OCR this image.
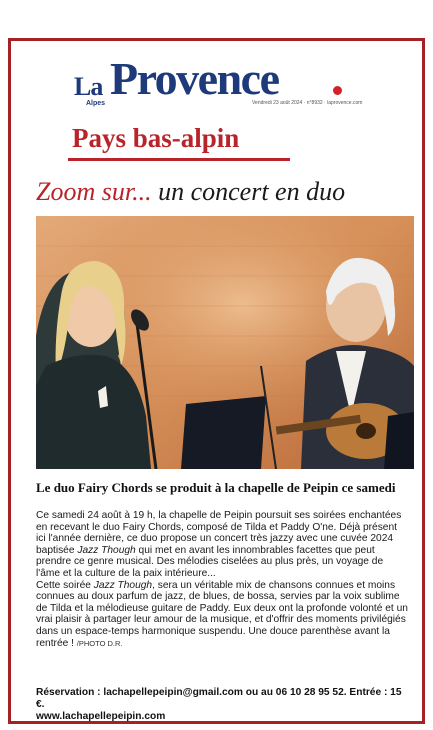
La Provence
Alpes	Vendredi 23 août 2024 · n°8932 · laprovence.com
Pays bas-alpin
Zoom sur... un concert en duo
Le duo Fairy Chords se produit à la chapelle de Peipin ce samedi

Ce samedi 24 août à 19 h, la chapelle de Peipin poursuit ses soirées enchantées en recevant le duo Fairy Chords, composé de Tilda et Paddy O'ne. Déjà présent ici l'année dernière, ce duo propose un concert très jazzy avec une cuvée 2024 baptisée Jazz Though qui met en avant les innombrables facettes que peut prendre ce genre musical. Des mélodies ciselées au plus près, un voyage de l'âme et la culture de la paix intérieure...

Cette soirée Jazz Though, sera un véritable mix de chansons connues et moins connues au doux parfum de jazz, de blues, de bossa, servies par la voix sublime de Tilda et la mélodieuse guitare de Paddy. Eux deux ont la profonde volonté et un vrai plaisir à partager leur amour de la musique, et d'offrir des moments privilégiés dans un espace-temps harmonique suspendu. Une douce parenthèse avant la rentrée ! /PHOTO D.R.

Réservation : lachapellepeipin@gmail.com ou au 06 10 28 95 52. Entrée : 15 €.
www.lachapellepeipin.com
